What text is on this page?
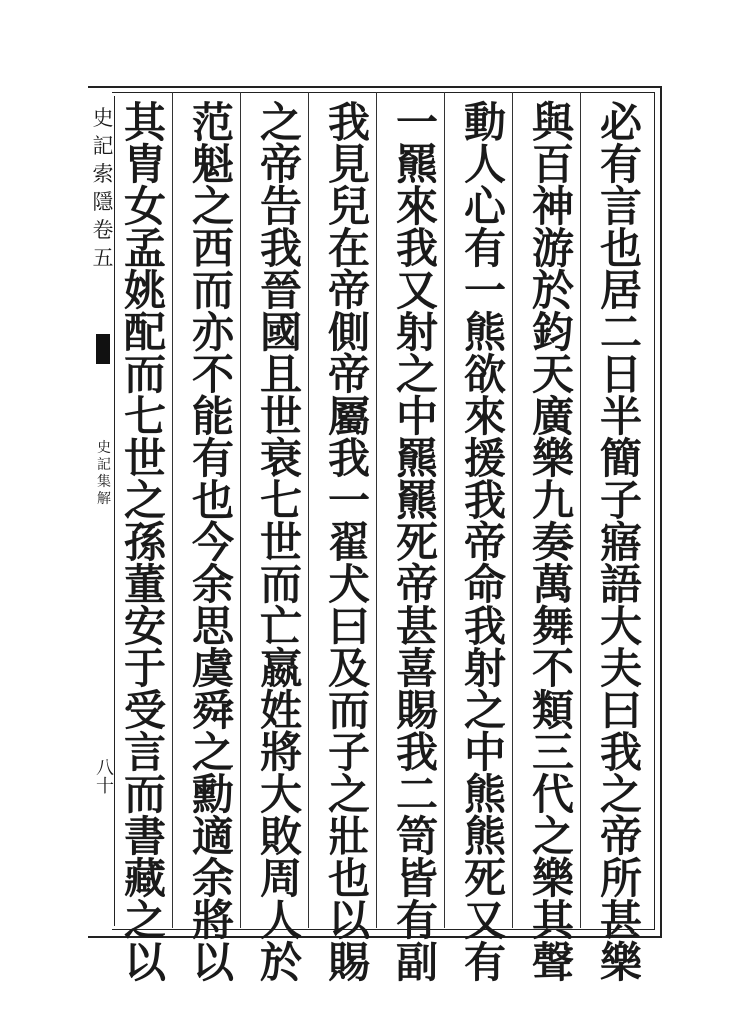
史
記
索
隱
卷
五
史
記
集
解
八十
必
有
言
也
居
二
日
半
簡
子
寤
語
大
夫
曰
我
之
帝
所
甚
樂
與
百
神
游
於
鈞
天
廣
樂
九
奏
萬
舞
不
類
三
代
之
樂
其
聲
動
人
心
有
一
熊
欲
來
援
我
帝
命
我
射
之
中
熊
熊
死
又
有
一
羆
來
我
又
射
之
中
羆
羆
死
帝
甚
喜
賜
我
二
笥
皆
有
副
我
見
兒
在
帝
側
帝
屬
我
一
翟
犬
曰
及
而
子
之
壯
也
以
賜
之
帝
告
我
晉
國
且
世
衰
七
世
而
亡
嬴
姓
將
大
敗
周
人
於
范
魁
之
西
而
亦
不
能
有
也
今
余
思
虞
舜
之
勳
適
余
將
以
其
胄
女
孟
姚
配
而
七
世
之
孫
董
安
于
受
言
而
書
藏
之
以
